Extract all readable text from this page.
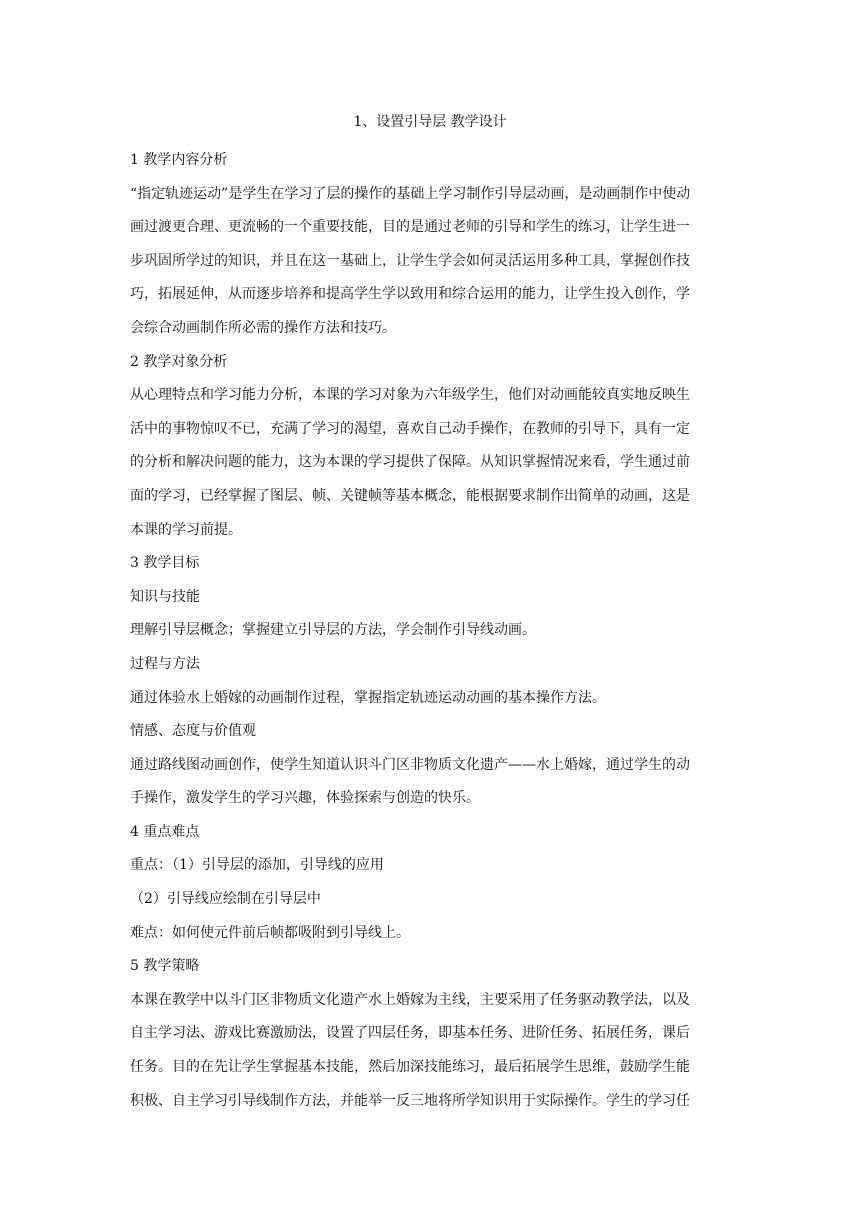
1、设置引导层 教学设计
1 教学内容分析
“指定轨迹运动”是学生在学习了层的操作的基础上学习制作引导层动画，是动画制作中使动
画过渡更合理、更流畅的一个重要技能，目的是通过老师的引导和学生的练习，让学生进一
步巩固所学过的知识，并且在这一基础上，让学生学会如何灵活运用多种工具，掌握创作技
巧，拓展延伸，从而逐步培养和提高学生学以致用和综合运用的能力，让学生投入创作，学
会综合动画制作所必需的操作方法和技巧。
2 教学对象分析
从心理特点和学习能力分析，本课的学习对象为六年级学生，他们对动画能较真实地反映生
活中的事物惊叹不已，充满了学习的渴望，喜欢自己动手操作，在教师的引导下，具有一定
的分析和解决问题的能力，这为本课的学习提供了保障。从知识掌握情况来看，学生通过前
面的学习，已经掌握了图层、帧、关键帧等基本概念，能根据要求制作出简单的动画，这是
本课的学习前提。
3 教学目标
知识与技能
理解引导层概念；掌握建立引导层的方法，学会制作引导线动画。
过程与方法
通过体验水上婚嫁的动画制作过程，掌握指定轨迹运动动画的基本操作方法。
情感、态度与价值观
通过路线图动画创作，使学生知道认识斗门区非物质文化遗产——水上婚嫁，通过学生的动
手操作，激发学生的学习兴趣，体验探索与创造的快乐。
4 重点难点
重点：（1）引导层的添加，引导线的应用
（2）引导线应绘制在引导层中
难点：如何使元件前后帧都吸附到引导线上。
5 教学策略
本课在教学中以斗门区非物质文化遗产水上婚嫁为主线，主要采用了任务驱动教学法，以及
自主学习法、游戏比赛激励法，设置了四层任务，即基本任务、进阶任务、拓展任务，课后
任务。目的在先让学生掌握基本技能，然后加深技能练习，最后拓展学生思维，鼓励学生能
积极、自主学习引导线制作方法，并能举一反三地将所学知识用于实际操作。学生的学习任
